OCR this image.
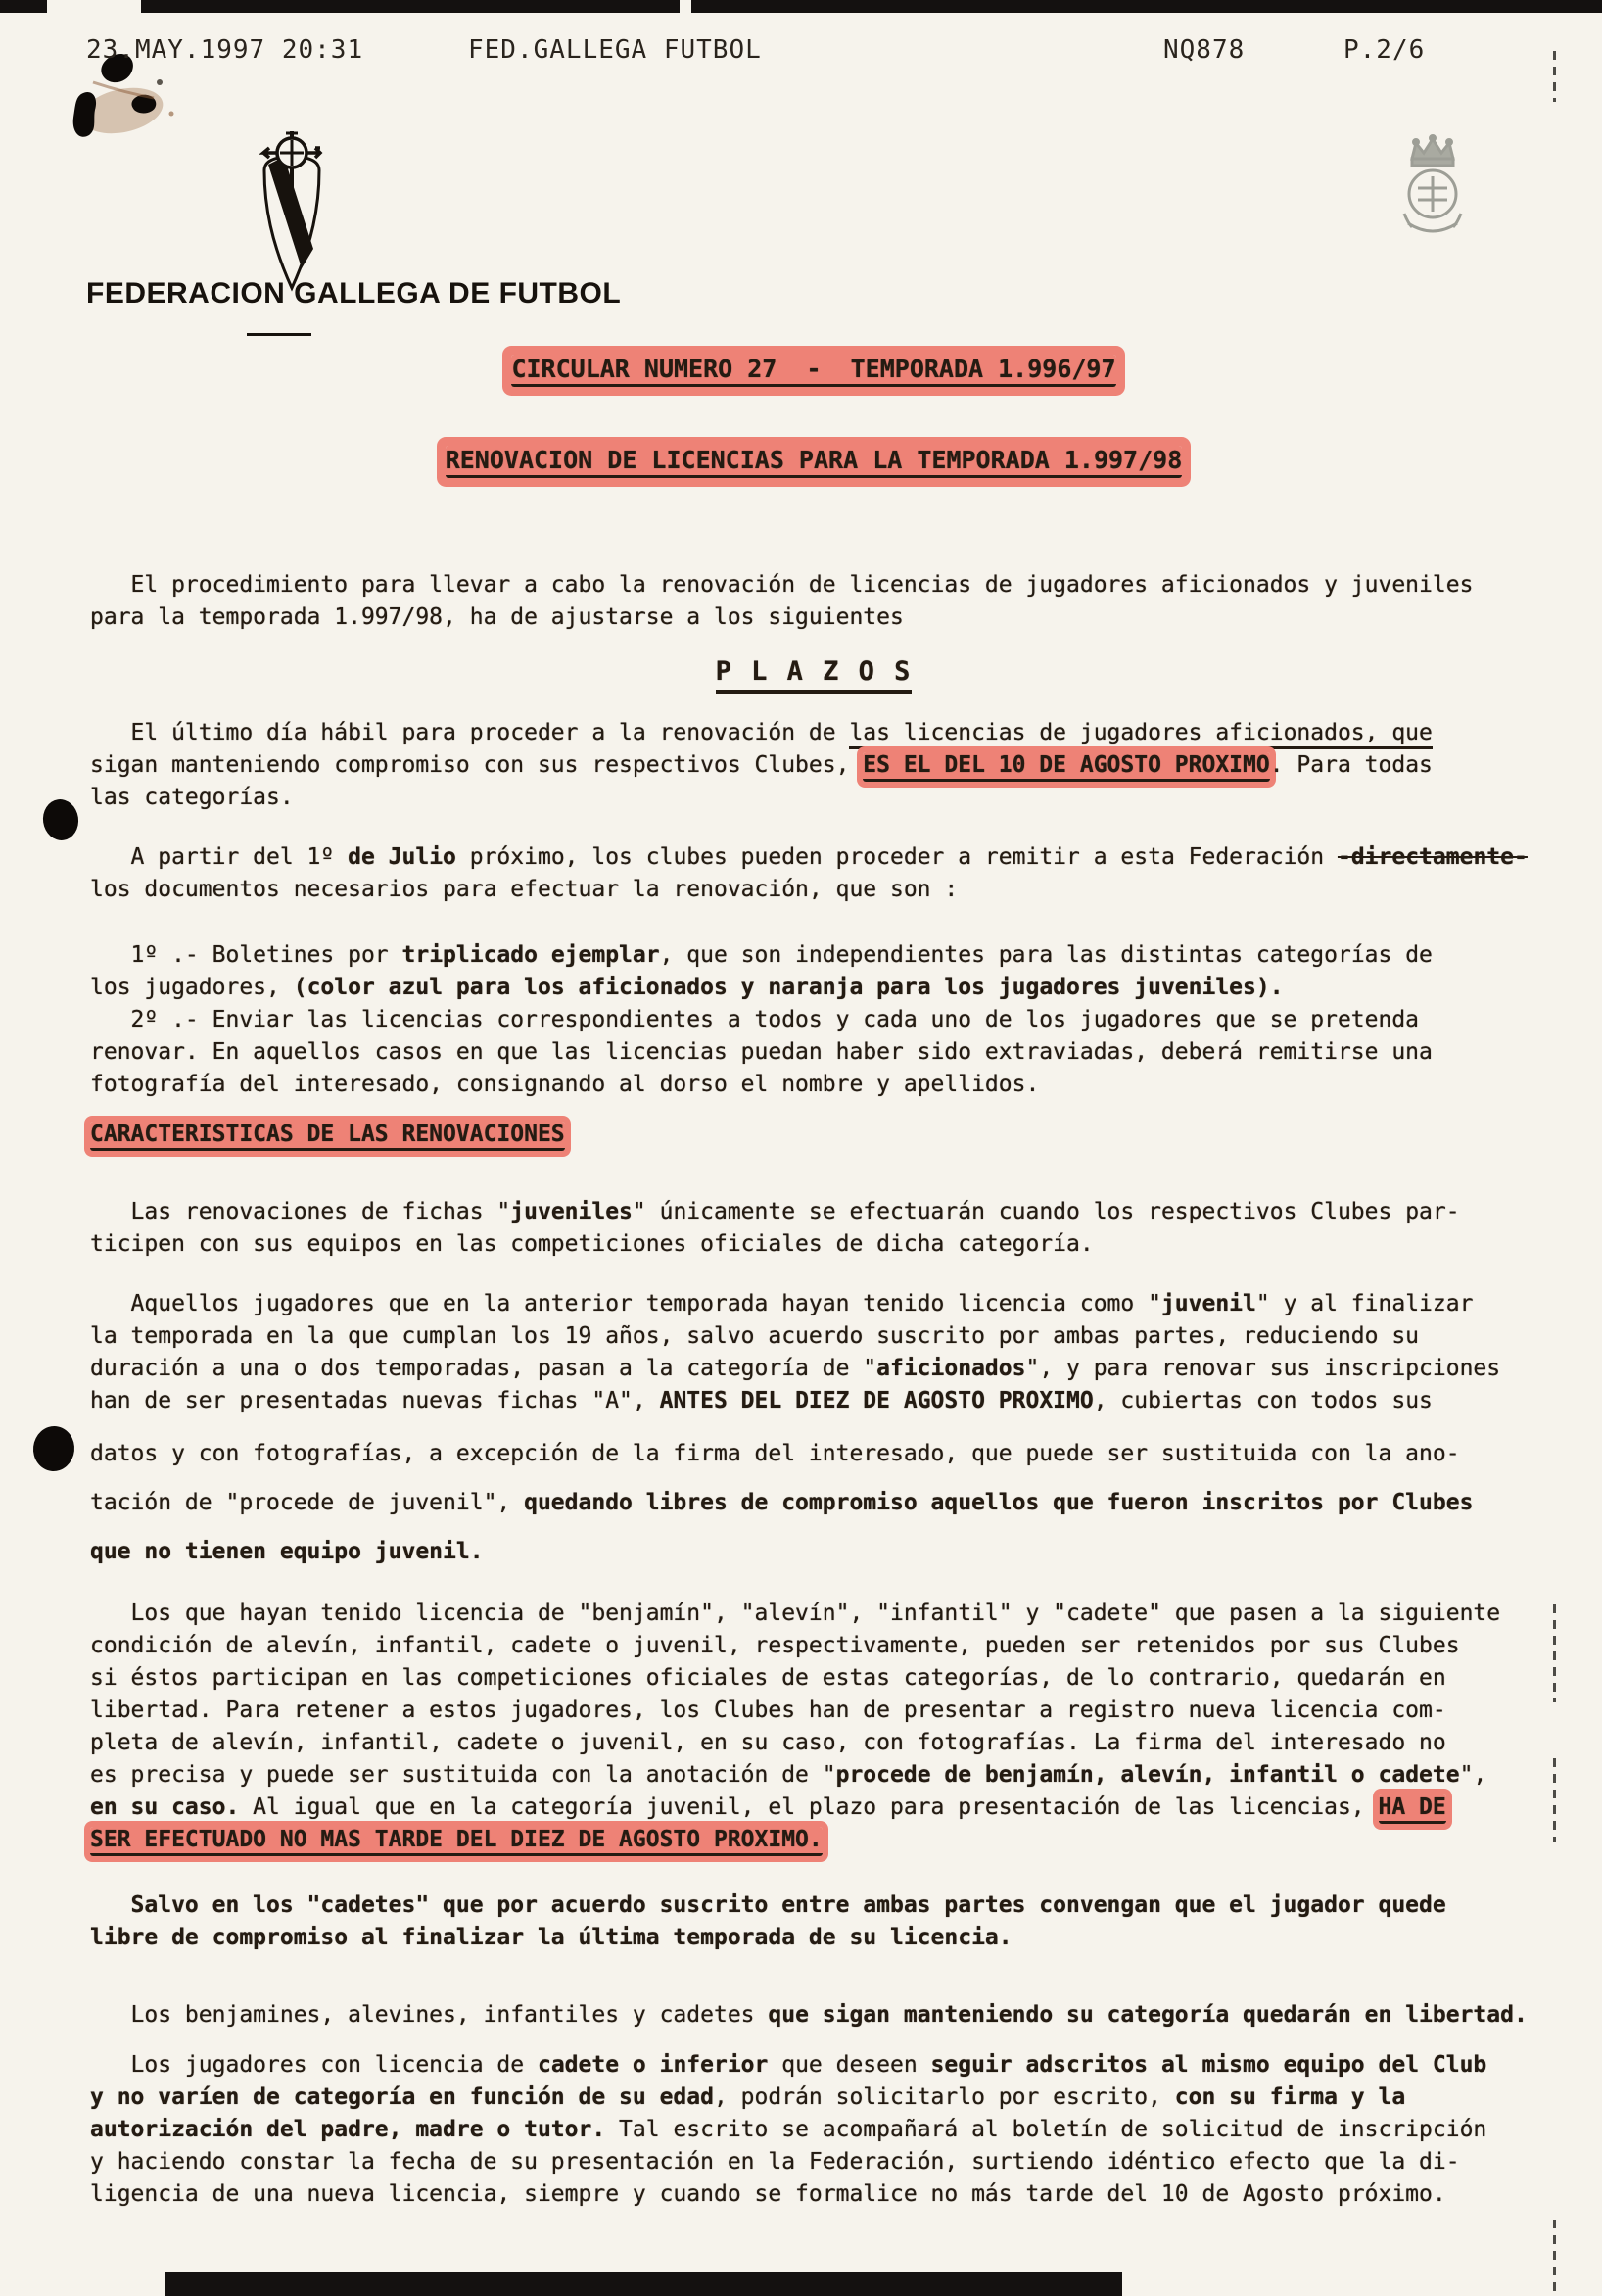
23.MAY.1997 20:31	FED.GALLEGA FUTBOL	NQ878	P.2/6
FEDERACION GALLEGA DE FUTBOL
CIRCULAR NUMERO 27  -  TEMPORADA 1.996/97
RENOVACION DE LICENCIAS PARA LA TEMPORADA 1.997/98
El procedimiento para llevar a cabo la renovación de licencias de jugadores aficionados y juveniles
para la temporada 1.997/98, ha de ajustarse a los siguientes
P L A Z O S
El último día hábil para proceder a la renovación de las licencias de jugadores aficionados, que
sigan manteniendo compromiso con sus respectivos Clubes, ES EL DEL 10 DE AGOSTO PROXIMO. Para todas
las categorías.
A partir del 1º de Julio próximo, los clubes pueden proceder a remitir a esta Federación -directamente-
los documentos necesarios para efectuar la renovación, que son :
1º .- Boletines por triplicado ejemplar, que son independientes para las distintas categorías de
los jugadores, (color azul para los aficionados y naranja para los jugadores juveniles).
2º .- Enviar las licencias correspondientes a todos y cada uno de los jugadores que se pretenda
renovar. En aquellos casos en que las licencias puedan haber sido extraviadas, deberá remitirse una
fotografía del interesado, consignando al dorso el nombre y apellidos.
CARACTERISTICAS DE LAS RENOVACIONES
Las renovaciones de fichas "juveniles" únicamente se efectuarán cuando los respectivos Clubes par-
ticipen con sus equipos en las competiciones oficiales de dicha categoría.
Aquellos jugadores que en la anterior temporada hayan tenido licencia como "juvenil" y al finalizar
la temporada en la que cumplan los 19 años, salvo acuerdo suscrito por ambas partes, reduciendo su
duración a una o dos temporadas, pasan a la categoría de "aficionados", y para renovar sus inscripciones
han de ser presentadas nuevas fichas "A", ANTES DEL DIEZ DE AGOSTO PROXIMO, cubiertas con todos sus
datos y con fotografías, a excepción de la firma del interesado, que puede ser sustituida con la ano-
tación de "procede de juvenil", quedando libres de compromiso aquellos que fueron inscritos por Clubes
que no tienen equipo juvenil.
Los que hayan tenido licencia de "benjamín", "alevín", "infantil" y "cadete" que pasen a la siguiente
condición de alevín, infantil, cadete o juvenil, respectivamente, pueden ser retenidos por sus Clubes
si éstos participan en las competiciones oficiales de estas categorías, de lo contrario, quedarán en
libertad. Para retener a estos jugadores, los Clubes han de presentar a registro nueva licencia com-
pleta de alevín, infantil, cadete o juvenil, en su caso, con fotografías. La firma del interesado no
es precisa y puede ser sustituida con la anotación de "procede de benjamín, alevín, infantil o cadete",
en su caso. Al igual que en la categoría juvenil, el plazo para presentación de las licencias, HA DE
SER EFECTUADO NO MAS TARDE DEL DIEZ DE AGOSTO PROXIMO.
Salvo en los "cadetes" que por acuerdo suscrito entre ambas partes convengan que el jugador quede
libre de compromiso al finalizar la última temporada de su licencia.
Los benjamines, alevines, infantiles y cadetes que sigan manteniendo su categoría quedarán en libertad.
Los jugadores con licencia de cadete o inferior que deseen seguir adscritos al mismo equipo del Club
y no varíen de categoría en función de su edad, podrán solicitarlo por escrito, con su firma y la
autorización del padre, madre o tutor. Tal escrito se acompañará al boletín de solicitud de inscripción
y haciendo constar la fecha de su presentación en la Federación, surtiendo idéntico efecto que la di-
ligencia de una nueva licencia, siempre y cuando se formalice no más tarde del 10 de Agosto próximo.
